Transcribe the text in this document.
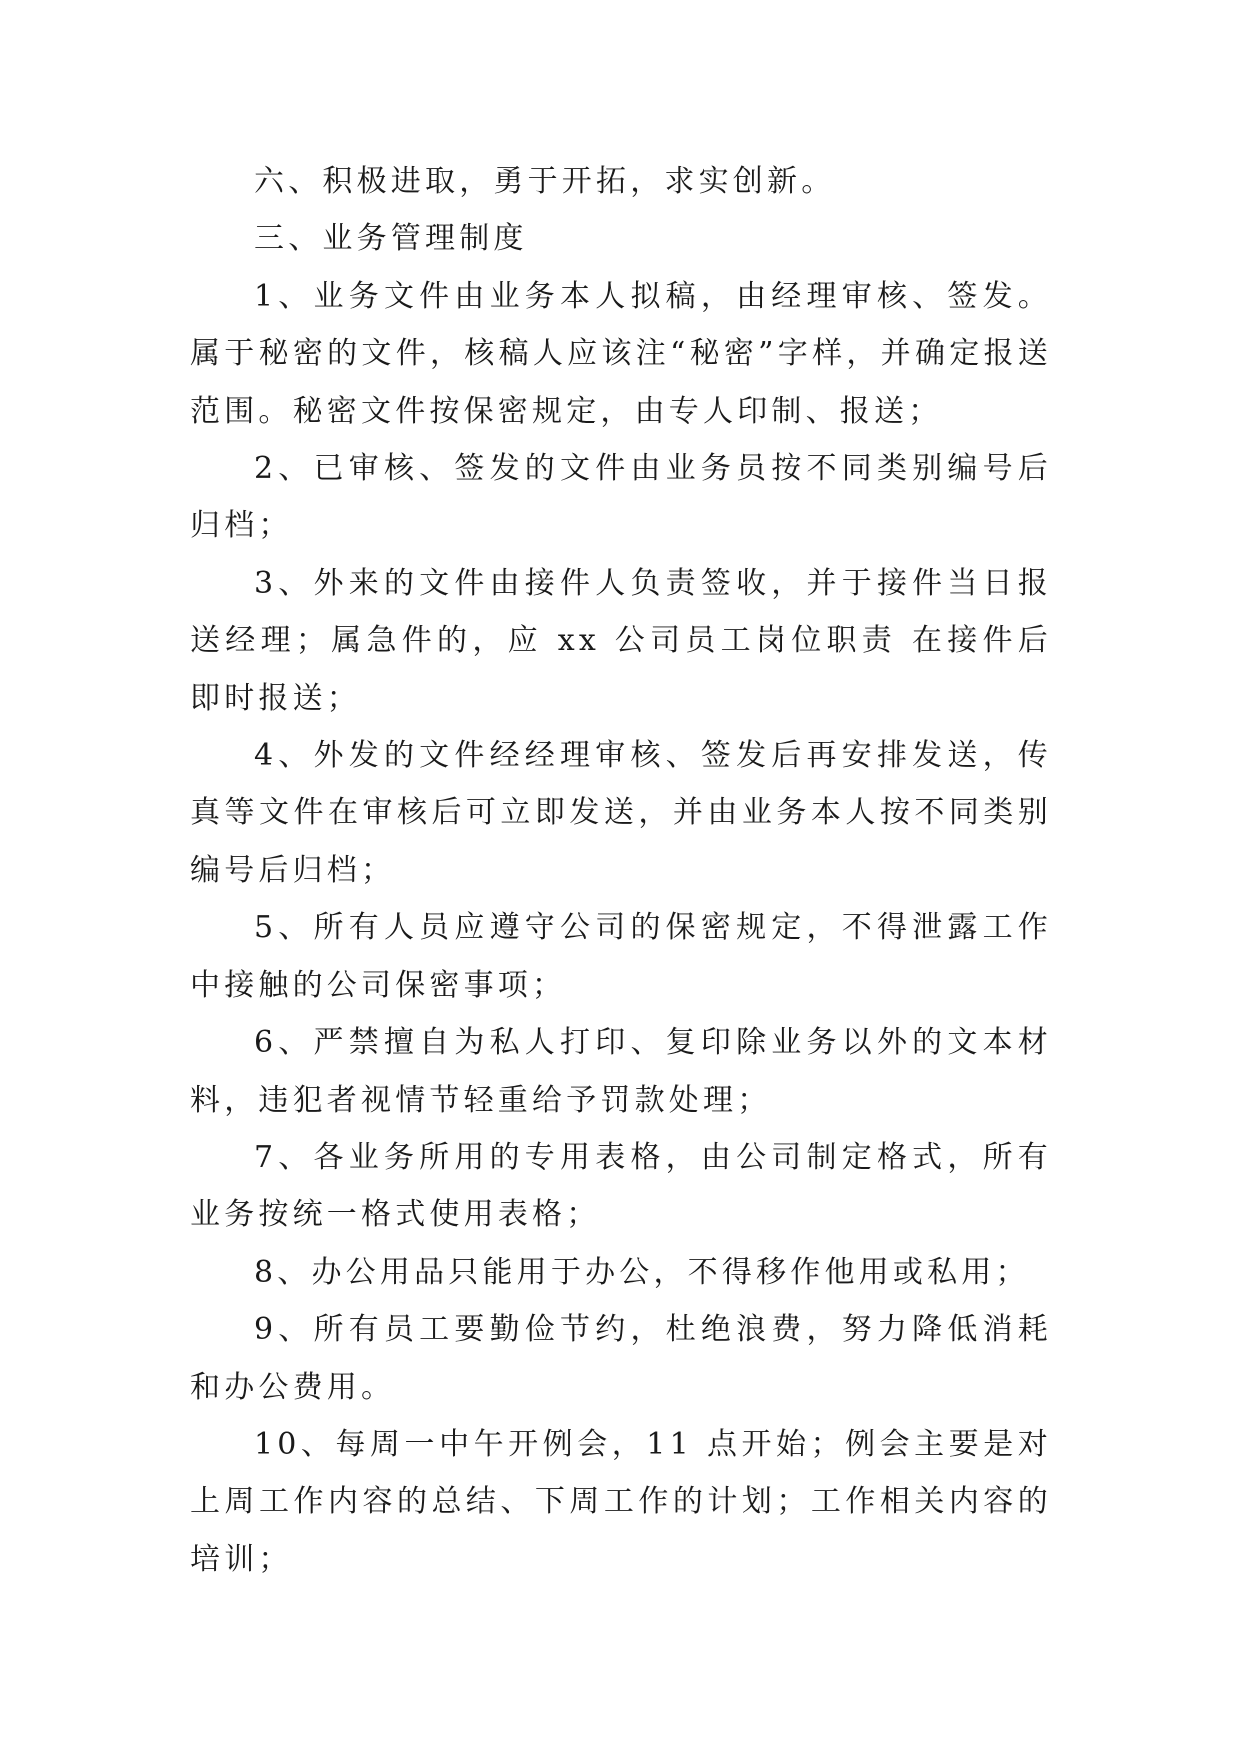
六、积极进取，勇于开拓，求实创新。

三、业务管理制度

1、业务文件由业务本人拟稿，由经理审核、签发。 属于秘密的文件，核稿人应该注“秘密”字样，并确定报送范围。秘密文件按保密规定，由专人印制、报送；

2、已审核、签发的文件由业务员按不同类别编号后归档；

3、外来的文件由接件人负责签收，并于接件当日报送经理；属急件的，应 xx 公司员工岗位职责 在接件后即时报送；

4、外发的文件经经理审核、签发后再安排发送，传真等文件在审核后可立即发送，并由业务本人按不同类别编号后归档；

5、所有人员应遵守公司的保密规定，不得泄露工作中接触的公司保密事项；

6、严禁擅自为私人打印、复印除业务以外的文本材料，违犯者视情节轻重给予罚款处理；

7、各业务所用的专用表格，由公司制定格式，所有业务按统一格式使用表格；

8、办公用品只能用于办公，不得移作他用或私用；

9、所有员工要勤俭节约，杜绝浪费，努力降低消耗和办公费用。

10、每周一中午开例会，11 点开始；例会主要是对上周工作内容的总结、下周工作的计划；工作相关内容的培训；
